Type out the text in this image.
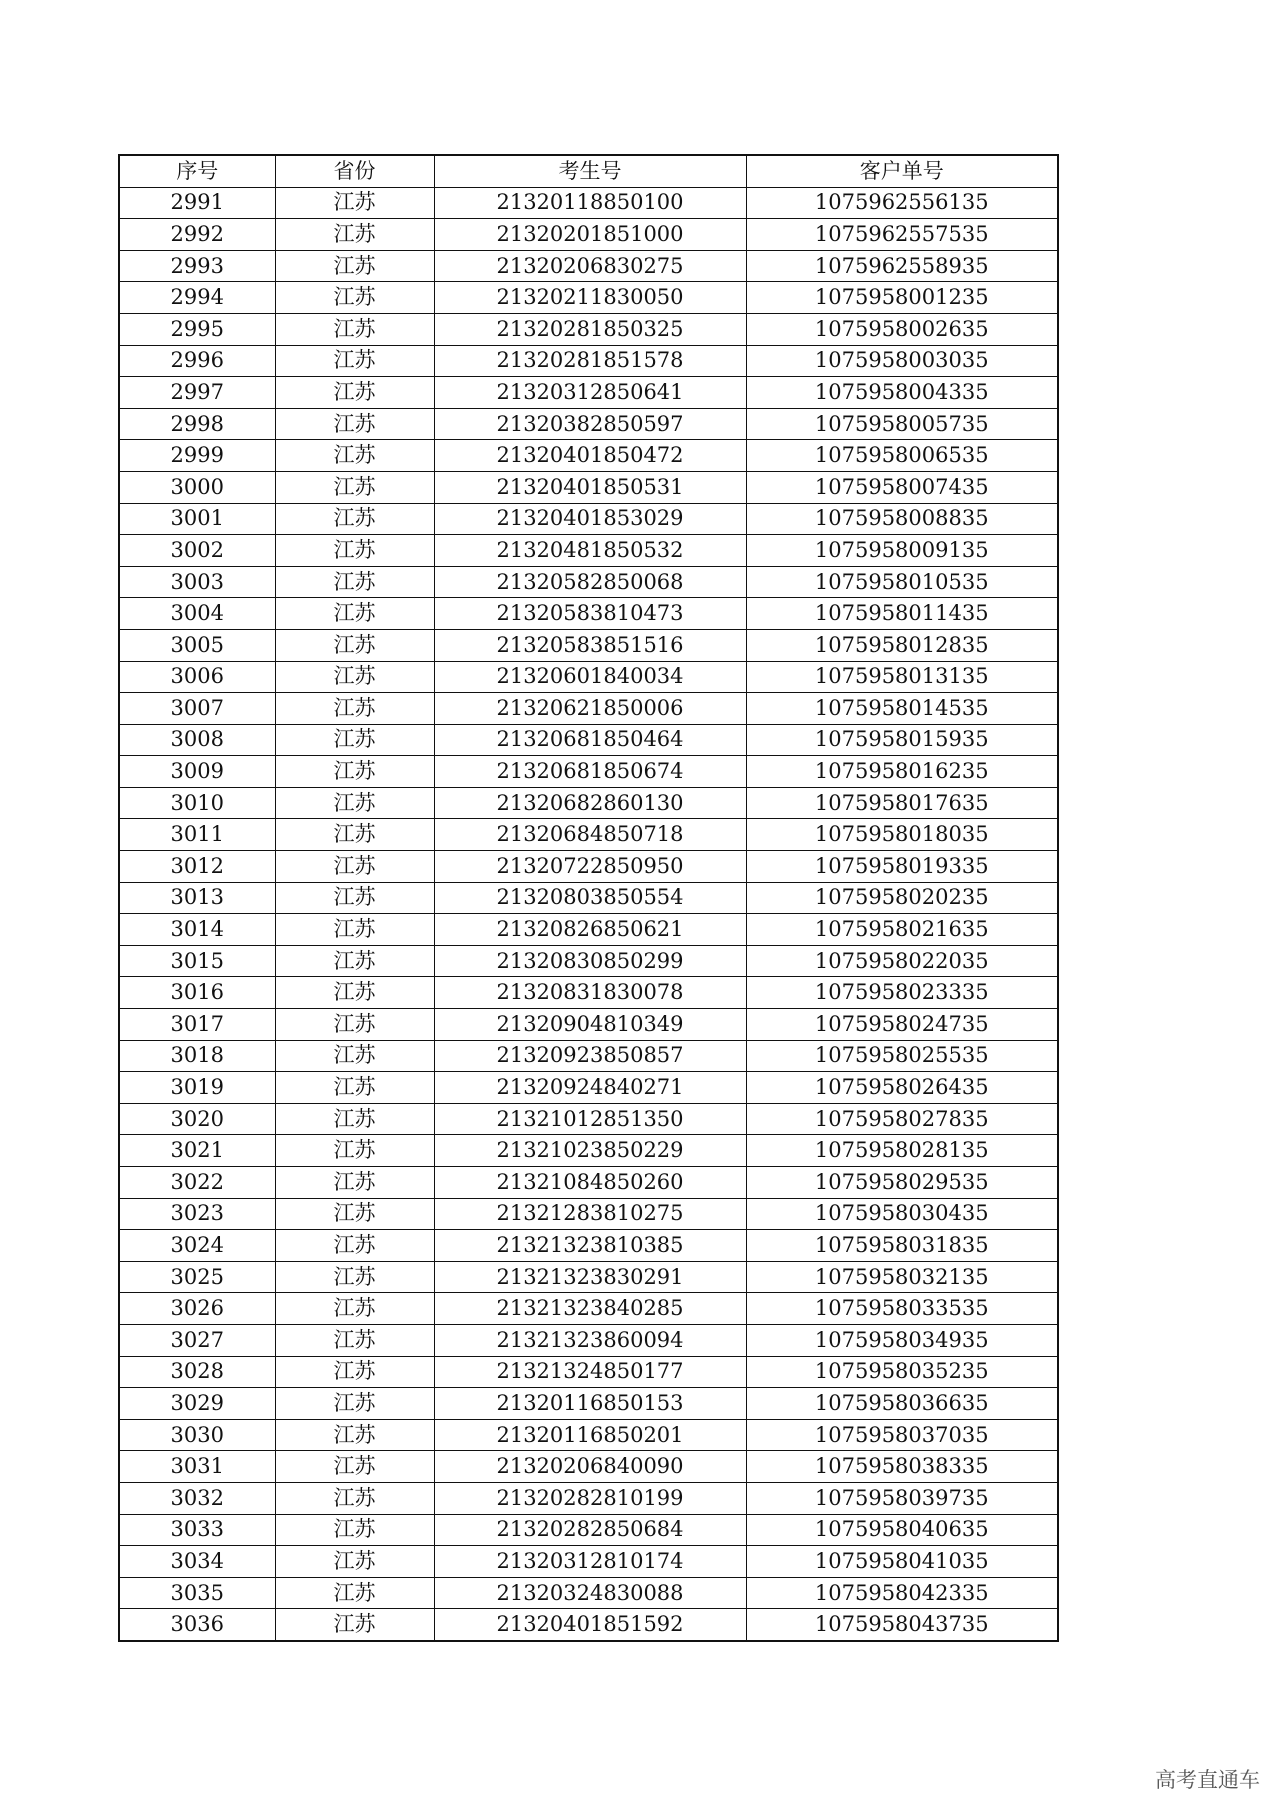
序号	省份	考生号	客户单号
2991	江苏	21320118850100	1075962556135
2992	江苏	21320201851000	1075962557535
2993	江苏	21320206830275	1075962558935
2994	江苏	21320211830050	1075958001235
2995	江苏	21320281850325	1075958002635
2996	江苏	21320281851578	1075958003035
2997	江苏	21320312850641	1075958004335
2998	江苏	21320382850597	1075958005735
2999	江苏	21320401850472	1075958006535
3000	江苏	21320401850531	1075958007435
3001	江苏	21320401853029	1075958008835
3002	江苏	21320481850532	1075958009135
3003	江苏	21320582850068	1075958010535
3004	江苏	21320583810473	1075958011435
3005	江苏	21320583851516	1075958012835
3006	江苏	21320601840034	1075958013135
3007	江苏	21320621850006	1075958014535
3008	江苏	21320681850464	1075958015935
3009	江苏	21320681850674	1075958016235
3010	江苏	21320682860130	1075958017635
3011	江苏	21320684850718	1075958018035
3012	江苏	21320722850950	1075958019335
3013	江苏	21320803850554	1075958020235
3014	江苏	21320826850621	1075958021635
3015	江苏	21320830850299	1075958022035
3016	江苏	21320831830078	1075958023335
3017	江苏	21320904810349	1075958024735
3018	江苏	21320923850857	1075958025535
3019	江苏	21320924840271	1075958026435
3020	江苏	21321012851350	1075958027835
3021	江苏	21321023850229	1075958028135
3022	江苏	21321084850260	1075958029535
3023	江苏	21321283810275	1075958030435
3024	江苏	21321323810385	1075958031835
3025	江苏	21321323830291	1075958032135
3026	江苏	21321323840285	1075958033535
3027	江苏	21321323860094	1075958034935
3028	江苏	21321324850177	1075958035235
3029	江苏	21320116850153	1075958036635
3030	江苏	21320116850201	1075958037035
3031	江苏	21320206840090	1075958038335
3032	江苏	21320282810199	1075958039735
3033	江苏	21320282850684	1075958040635
3034	江苏	21320312810174	1075958041035
3035	江苏	21320324830088	1075958042335
3036	江苏	21320401851592	1075958043735
高考直通车
